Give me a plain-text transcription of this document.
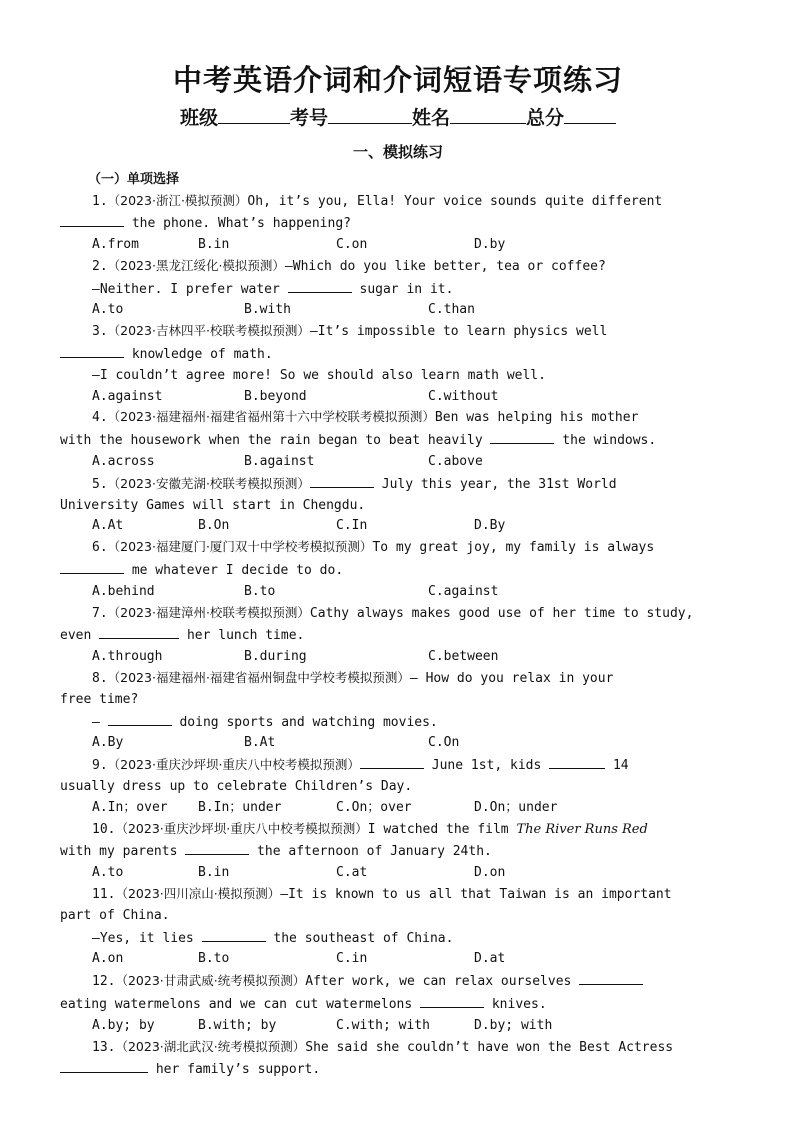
中考英语介词和介词短语专项练习
班级	考号	姓名	总分
一、模拟练习
（一）单项选择
1.（2023·浙江·模拟预测）Oh, it’s you, Ella! Your voice sounds quite different
the phone. What’s happening?
A.from	B.in	C.on	D.by
2.（2023·黑龙江绥化·模拟预测）—Which do you like better, tea or coffee?
—Neither. I prefer water	sugar in it.
A.to	B.with	C.than
3.（2023·吉林四平·校联考模拟预测）—It’s impossible to learn physics well
knowledge of math.
—I couldn’t agree more! So we should also learn math well.
A.against	B.beyond	C.without
4.（2023·福建福州·福建省福州第十六中学校联考模拟预测）Ben was helping his mother
with the housework when the rain began to beat heavily	the windows.
A.across	B.against	C.above
5.（2023·安徽芜湖·校联考模拟预测）	July this year, the 31st World
University Games will start in Chengdu.
A.At	B.On	C.In	D.By
6.（2023·福建厦门·厦门双十中学校考模拟预测）To my great joy, my family is always
me whatever I decide to do.
A.behind	B.to	C.against
7.（2023·福建漳州·校联考模拟预测）Cathy always makes good use of her time to study,
even	her lunch time.
A.through	B.during	C.between
8.（2023·福建福州·福建省福州铜盘中学校考模拟预测）— How do you relax in your
free time?
—	doing sports and watching movies.
A.By	B.At	C.On
9.（2023·重庆沙坪坝·重庆八中校考模拟预测）	June 1st, kids	14
usually dress up to celebrate Children’s Day.
A.In；over	B.In；under	C.On；over	D.On；under
10.（2023·重庆沙坪坝·重庆八中校考模拟预测）I watched the film The River Runs Red
with my parents	the afternoon of January 24th.
A.to	B.in	C.at	D.on
11.（2023·四川凉山·模拟预测）—It is known to us all that Taiwan is an important
part of China.
—Yes, it lies	the southeast of China.
A.on	B.to	C.in	D.at
12.（2023·甘肃武威·统考模拟预测）After work, we can relax ourselves
eating watermelons and we can cut watermelons	knives.
A.by; by	B.with; by	C.with; with	D.by; with
13.（2023·湖北武汉·统考模拟预测）She said she couldn’t have won the Best Actress
her family’s support.
